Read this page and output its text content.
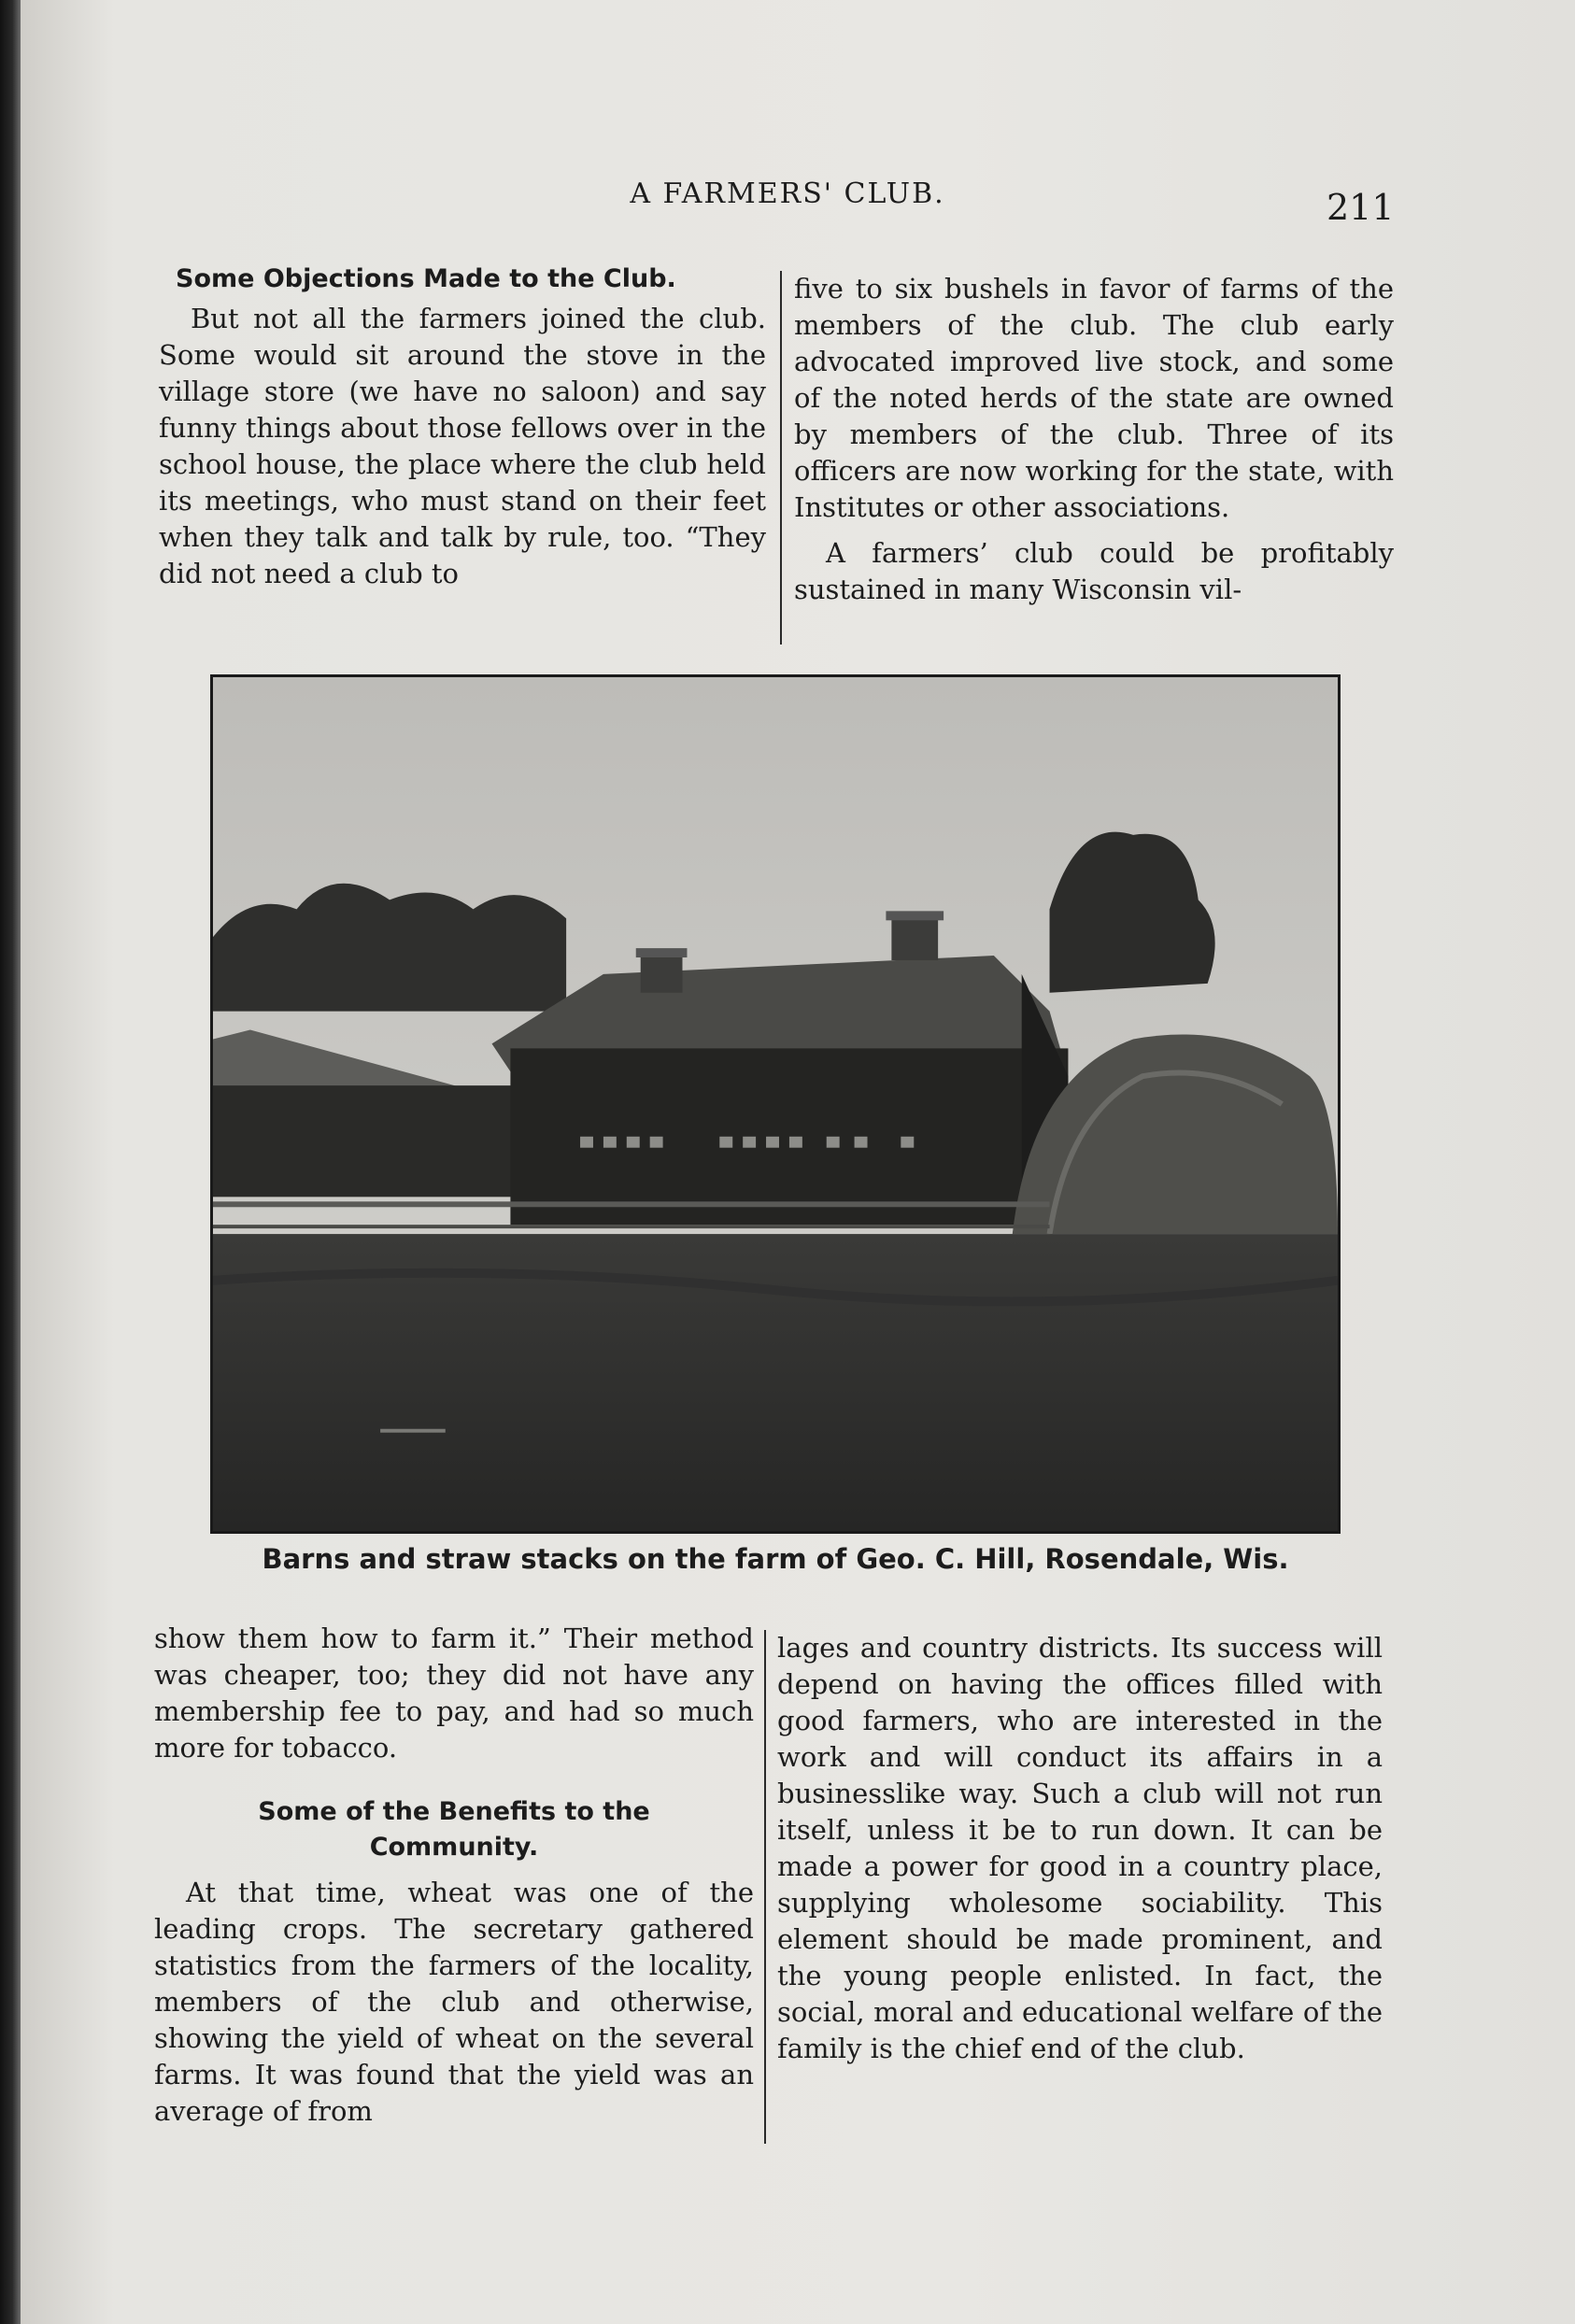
A FARMERS' CLUB.	211
Some Objections Made to the Club.

But not all the farmers joined the club. Some would sit around the stove in the village store (we have no saloon) and say funny things about those fellows over in the school house, the place where the club held its meetings, who must stand on their feet when they talk and talk by rule, too. “They did not need a club to

five to six bushels in favor of farms of the members of the club. The club early advocated improved live stock, and some of the noted herds of the state are owned by members of the club. Three of its officers are now working for the state, with Institutes or other associations.

A farmers’ club could be profitably sustained in many Wisconsin vil-

Barns and straw stacks on the farm of Geo. C. Hill, Rosendale, Wis.

show them how to farm it.” Their method was cheaper, too; they did not have any membership fee to pay, and had so much more for tobacco.

Some of the Benefits to the Community.

At that time, wheat was one of the leading crops. The secretary gathered statistics from the farmers of the locality, members of the club and otherwise, showing the yield of wheat on the several farms. It was found that the yield was an average of from

lages and country districts. Its success will depend on having the offices filled with good farmers, who are interested in the work and will conduct its affairs in a businesslike way. Such a club will not run itself, unless it be to run down. It can be made a power for good in a country place, supplying wholesome sociability. This element should be made prominent, and the young people enlisted. In fact, the social, moral and educational welfare of the family is the chief end of the club.
